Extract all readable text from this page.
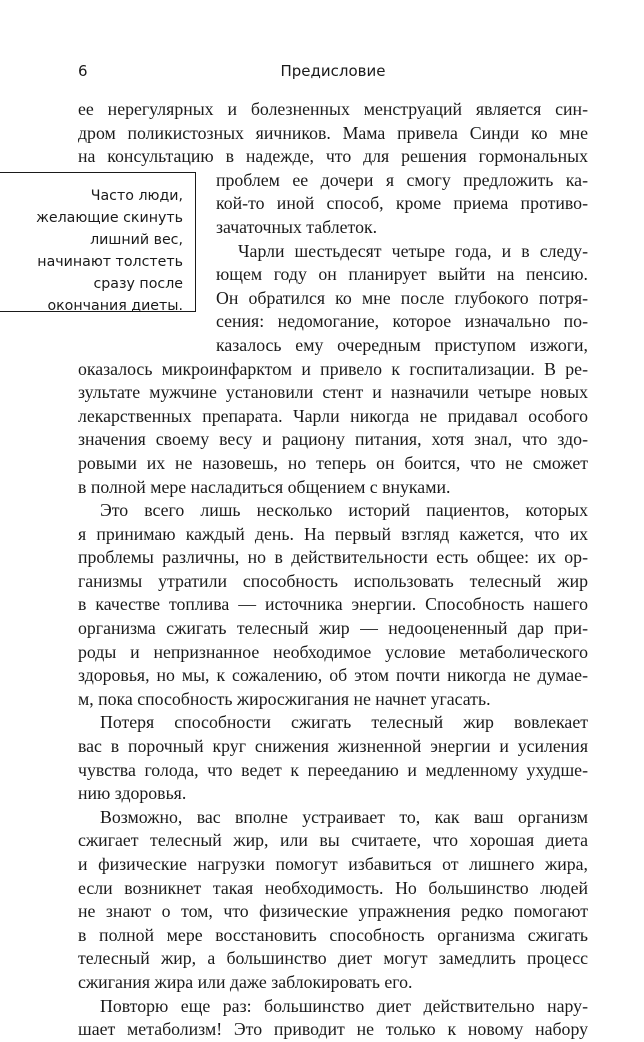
6	Предисловие
Часто люди,
желающие скинуть
лишний вес,
начинают толстеть
сразу после
окончания диеты.
ее нерегулярных и болезненных менструаций является син-
дром поликистозных яичников. Мама привела Синди ко мне
на консультацию в надежде, что для решения гормональных
проблем ее дочери я смогу предложить ка-
кой-то иной способ, кроме приема противо-
зачаточных таблеток.
Чарли шестьдесят четыре года, и в следу-
ющем году он планирует выйти на пенсию.
Он обратился ко мне после глубокого потря-
сения: недомогание, которое изначально по-
казалось ему очередным приступом изжоги,
оказалось микроинфарктом и привело к госпитализации. В ре-
зультате мужчине установили стент и назначили четыре новых
лекарственных препарата. Чарли никогда не придавал особого
значения своему весу и рациону питания, хотя знал, что здо-
ровыми их не назовешь, но теперь он боится, что не сможет
в полной мере насладиться общением с внуками.
Это всего лишь несколько историй пациентов, которых
я принимаю каждый день. На первый взгляд кажется, что их
проблемы различны, но в действительности есть общее: их ор-
ганизмы утратили способность использовать телесный жир
в качестве топлива — источника энергии. Способность нашего
организма сжигать телесный жир — недооцененный дар при-
роды и непризнанное необходимое условие метаболического
здоровья, но мы, к сожалению, об этом почти никогда не думае-
м, пока способность жиросжигания не начнет угасать.
Потеря способности сжигать телесный жир вовлекает
вас в порочный круг снижения жизненной энергии и усиления
чувства голода, что ведет к перееданию и медленному ухудше-
нию здоровья.
Возможно, вас вполне устраивает то, как ваш организм
сжигает телесный жир, или вы считаете, что хорошая диета
и физические нагрузки помогут избавиться от лишнего жира,
если возникнет такая необходимость. Но большинство людей
не знают о том, что физические упражнения редко помогают
в полной мере восстановить способность организма сжигать
телесный жир, а большинство диет могут замедлить процесс
сжигания жира или даже заблокировать его.
Повторю еще раз: большинство диет действительно нару-
шает метаболизм! Это приводит не только к новому набору
